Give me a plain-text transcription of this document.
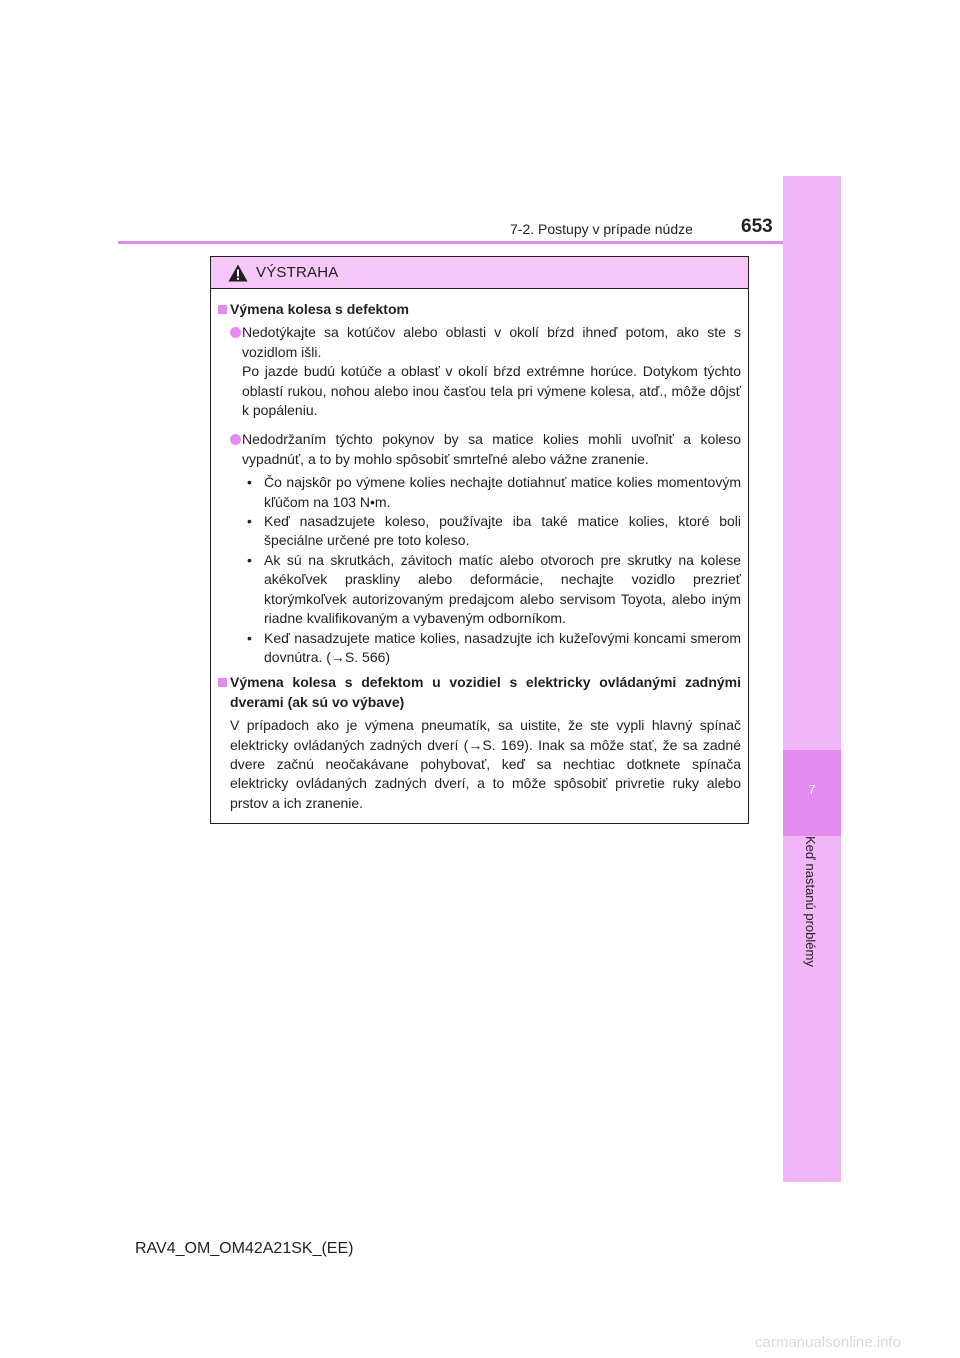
7
Keď nastanú problémy
7-2. Postupy v prípade núdze	653
VÝSTRAHA
Výmena kolesa s defektom

Nedotýkajte sa kotúčov alebo oblasti v okolí bŕzd ihneď potom, ako ste s vozidlom išli.

Po jazde budú kotúče a oblasť v okolí bŕzd extrémne horúce. Dotykom týchto oblastí rukou, nohou alebo inou časťou tela pri výmene kolesa, atď., môže dôjsť k popáleniu.

Nedodržaním týchto pokynov by sa matice kolies mohli uvoľniť a koleso vypadnúť, a to by mohlo spôsobiť smrteľné alebo vážne zranenie.

• Čo najskôr po výmene kolies nechajte dotiahnuť matice kolies momentovým kľúčom na 103 N•m.
• Keď nasadzujete koleso, používajte iba také matice kolies, ktoré boli špeciálne určené pre toto koleso.
• Ak sú na skrutkách, závitoch matíc alebo otvoroch pre skrutky na kolese akékoľvek praskliny alebo deformácie, nechajte vozidlo prezrieť ktorýmkoľvek autorizovaným predajcom alebo servisom Toyota, alebo iným riadne kvalifikovaným a vybaveným odborníkom.
• Keď nasadzujete matice kolies, nasadzujte ich kužeľovými koncami smerom dovnútra. (→S. 566)
Výmena kolesa s defektom u vozidiel s elektricky ovládanými zadnými dverami (ak sú vo výbave)

V prípadoch ako je výmena pneumatík, sa uistite, že ste vypli hlavný spínač elektricky ovládaných zadných dverí (→S. 169). Inak sa môže stať, že sa zadné dvere začnú neočakávane pohybovať, keď sa nechtiac dotknete spínača elektricky ovládaných zadných dverí, a to môže spôsobiť privretie ruky alebo prstov a ich zranenie.

RAV4_OM_OM42A21SK_(EE)
carmanualsonline.info
